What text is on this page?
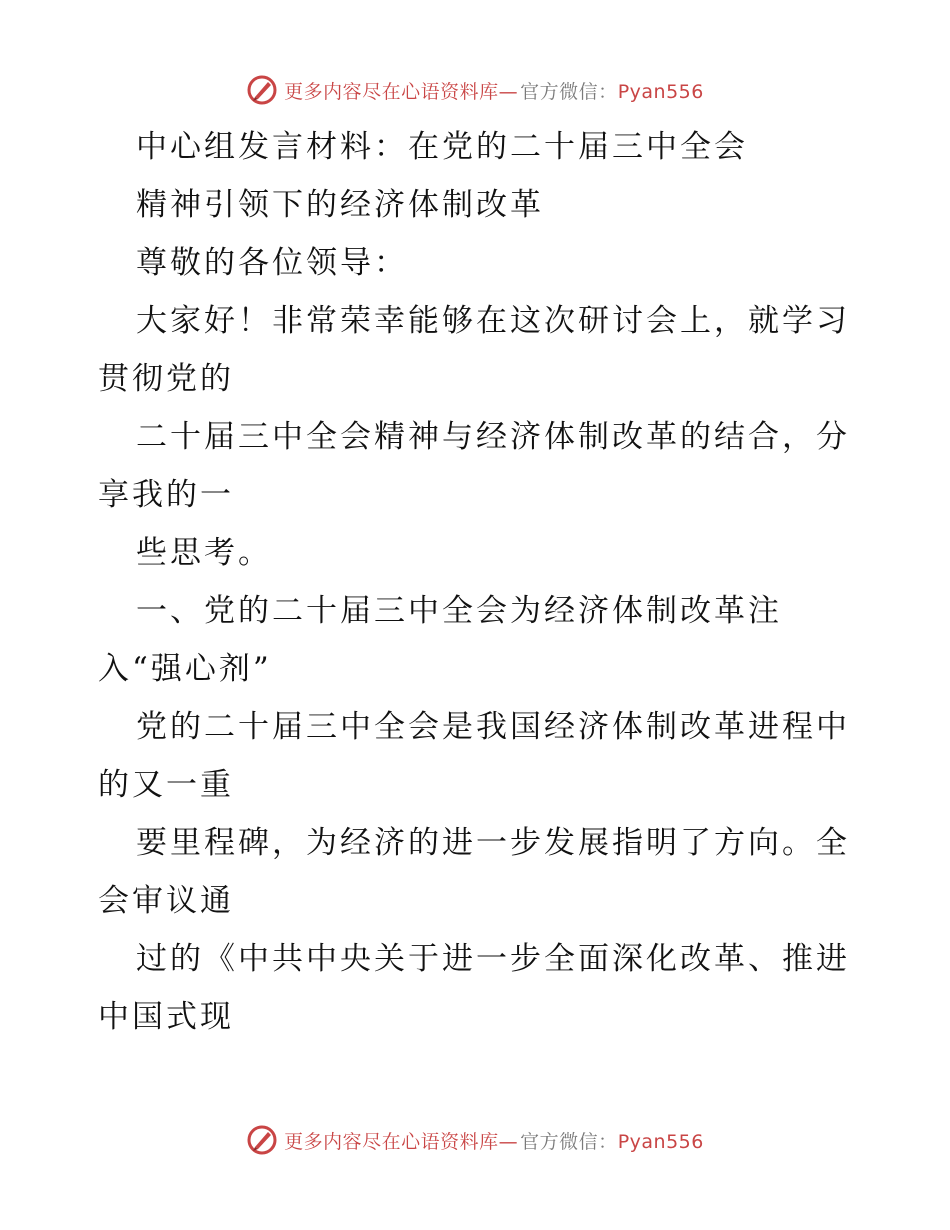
更多内容尽在心语资料库— 官方微信：Pyan556
中心组发言材料：在党的二十届三中全会
精神引领下的经济体制改革
尊敬的各位领导：
大家好！非常荣幸能够在这次研讨会上，就学习
贯彻党的
二十届三中全会精神与经济体制改革的结合，分
享我的一
些思考。
一、党的二十届三中全会为经济体制改革注
入“强心剂”
党的二十届三中全会是我国经济体制改革进程中
的又一重
要里程碑，为经济的进一步发展指明了方向。全
会审议通
过的《中共中央关于进一步全面深化改革、推进
中国式现
更多内容尽在心语资料库— 官方微信：Pyan556
